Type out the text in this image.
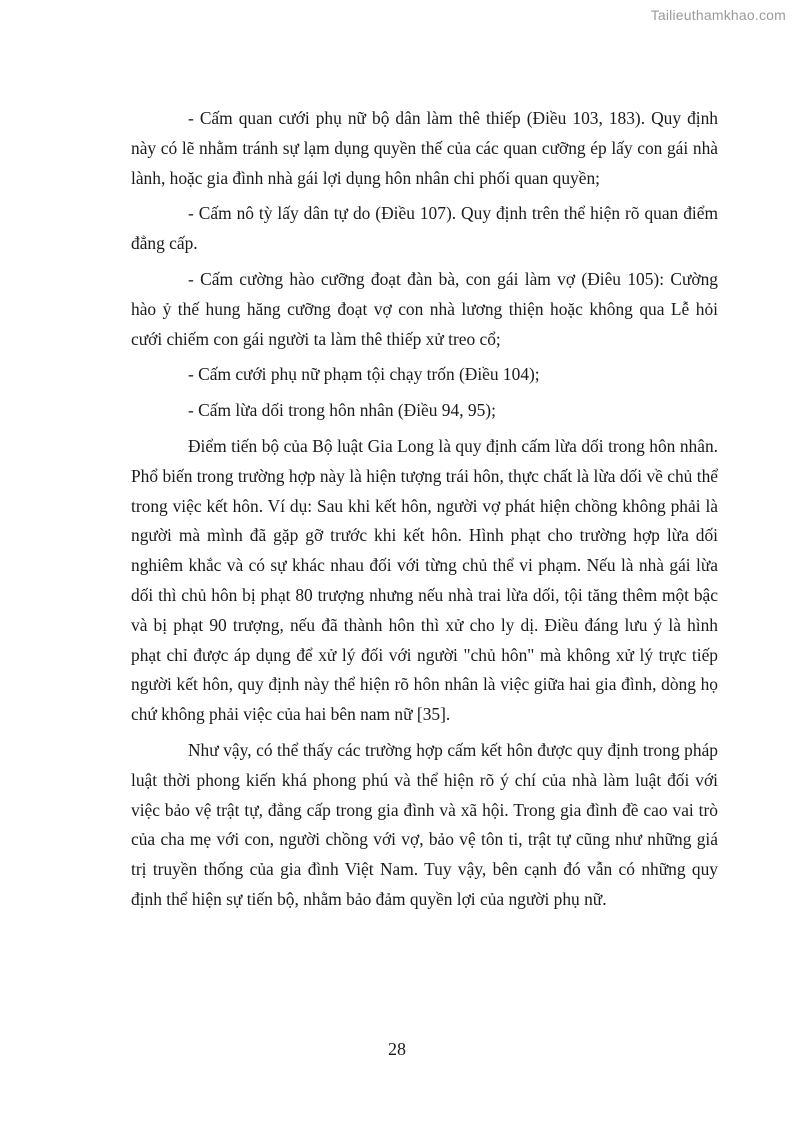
Tailieuthamkhao.com

- Cấm quan cưới phụ nữ bộ dân làm thê thiếp (Điều 103, 183). Quy định này có lẽ nhằm tránh sự lạm dụng quyền thế của các quan cưỡng ép lấy con gái nhà lành, hoặc gia đình nhà gái lợi dụng hôn nhân chi phối quan quyền;

- Cấm nô tỳ lấy dân tự do (Điều 107). Quy định trên thể hiện rõ quan điểm đẳng cấp.

- Cấm cường hào cưỡng đoạt đàn bà, con gái làm vợ (Điêu 105): Cường hào ỷ thế hung hăng cưỡng đoạt vợ con nhà lương thiện hoặc không qua Lễ hỏi cưới chiếm con gái người ta làm thê thiếp xử treo cổ;

- Cấm cưới phụ nữ phạm tội chạy trốn (Điều 104);

- Cấm lừa dối trong hôn nhân (Điều 94, 95);

Điểm tiến bộ của Bộ luật Gia Long là quy định cấm lừa dối trong hôn nhân. Phổ biến trong trường hợp này là hiện tượng trái hôn, thực chất là lừa dối về chủ thể trong việc kết hôn. Ví dụ: Sau khi kết hôn, người vợ phát hiện chồng không phải là người mà mình đã gặp gỡ trước khi kết hôn. Hình phạt cho trường hợp lừa dối nghiêm khắc và có sự khác nhau đối với từng chủ thể vi phạm. Nếu là nhà gái lừa dối thì chủ hôn bị phạt 80 trượng nhưng nếu nhà trai lừa dối, tội tăng thêm một bậc và bị phạt 90 trượng, nếu đã thành hôn thì xử cho ly dị. Điều đáng lưu ý là hình phạt chỉ được áp dụng để xử lý đối với người "chủ hôn" mà không xử lý trực tiếp người kết hôn, quy định này thể hiện rõ hôn nhân là việc giữa hai gia đình, dòng họ chứ không phải việc của hai bên nam nữ [35].

Như vậy, có thể thấy các trường hợp cấm kết hôn được quy định trong pháp luật thời phong kiến khá phong phú và thể hiện rõ ý chí của nhà làm luật đối với việc bảo vệ trật tự, đẳng cấp trong gia đình và xã hội. Trong gia đình đề cao vai trò của cha mẹ với con, người chồng với vợ, bảo vệ tôn ti, trật tự cũng như những giá trị truyền thống của gia đình Việt Nam. Tuy vậy, bên cạnh đó vẫn có những quy định thể hiện sự tiến bộ, nhằm bảo đảm quyền lợi của người phụ nữ.

28
